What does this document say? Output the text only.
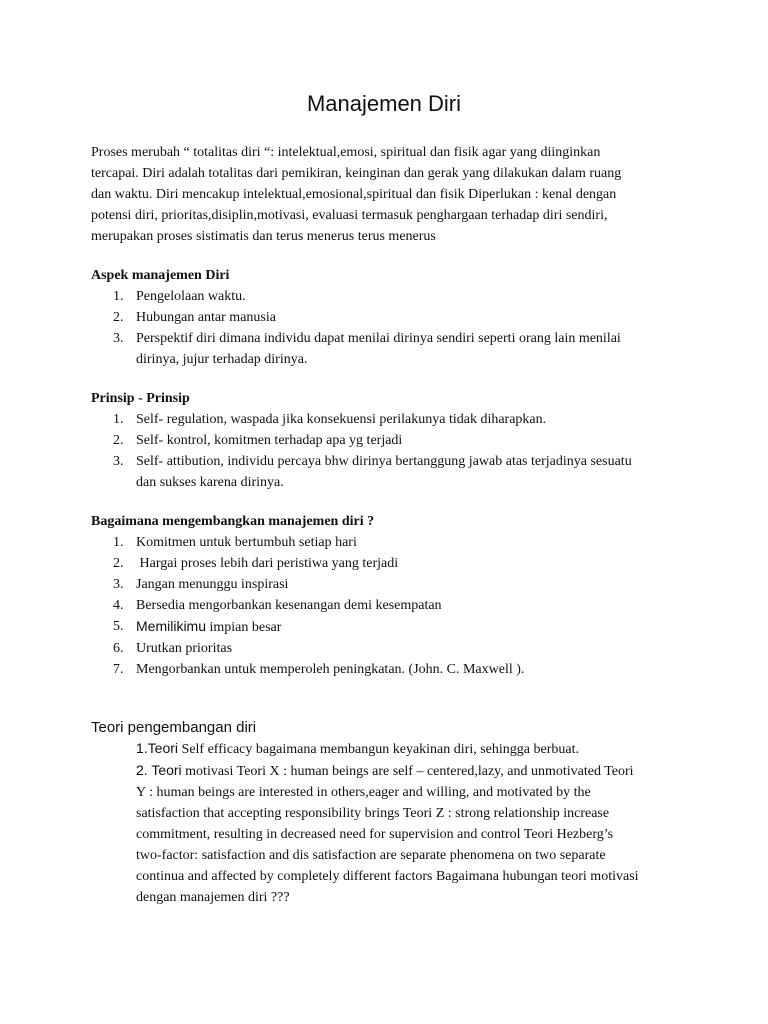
Manajemen Diri
Proses merubah “ totalitas diri “: intelektual,emosi, spiritual dan fisik agar yang diinginkan
tercapai. Diri adalah totalitas dari pemikiran, keinginan dan gerak yang dilakukan dalam ruang
dan waktu. Diri mencakup intelektual,emosional,spiritual dan fisik Diperlukan : kenal dengan
potensi diri, prioritas,disiplin,motivasi, evaluasi termasuk penghargaan terhadap diri sendiri,
merupakan proses sistimatis dan terus menerus terus menerus

Aspek manajemen Diri

1. Pengelolaan waktu.
2. Hubungan antar manusia
3. Perspektif diri dimana individu dapat menilai dirinya sendiri seperti orang lain menilai
dirinya, jujur terhadap dirinya.

Prinsip - Prinsip

1. Self- regulation, waspada jika konsekuensi perilakunya tidak diharapkan.
2. Self- kontrol, komitmen terhadap apa yg terjadi
3. Self- attibution, individu percaya bhw dirinya bertanggung jawab atas terjadinya sesuatu
dan sukses karena dirinya.

Bagaimana mengembangkan manajemen diri ?

1. Komitmen untuk bertumbuh setiap hari
2. Hargai proses lebih dari peristiwa yang terjadi
3. Jangan menunggu inspirasi
4. Bersedia mengorbankan kesenangan demi kesempatan
5. Memilikimu impian besar
6. Urutkan prioritas
7. Mengorbankan untuk memperoleh peningkatan. (John. C. Maxwell ).

Teori pengembangan diri

1.Teori Self efficacy bagaimana membangun keyakinan diri, sehingga berbuat.
2. Teori motivasi Teori X : human beings are self – centered,lazy, and unmotivated Teori
Y : human beings are interested in others,eager and willing, and motivated by the
satisfaction that accepting responsibility brings Teori Z : strong relationship increase
commitment, resulting in decreased need for supervision and control Teori Hezberg’s
two-factor: satisfaction and dis satisfaction are separate phenomena on two separate
continua and affected by completely different factors Bagaimana hubungan teori motivasi
dengan manajemen diri ???
